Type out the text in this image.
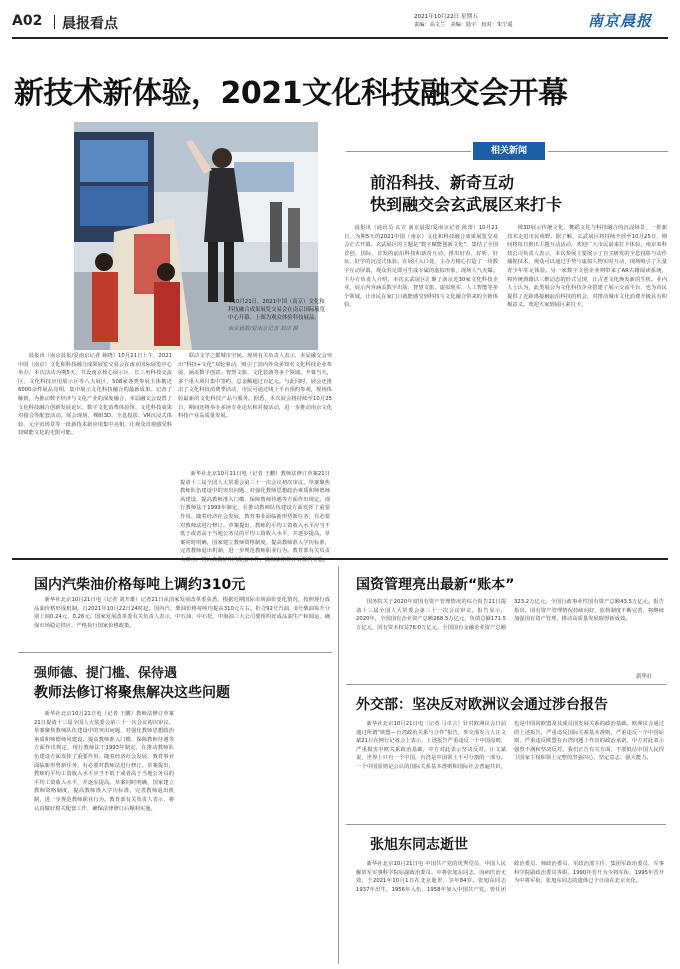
A02 晨报看点	2021年10月22日 星期五
责编：高文兰　美编：陆宇　校对：朱宁遥	南京晨报
新技术新体验，2021文化科技融交会开幕
↑10月21日，2021中国（南京）文化和科技融合成果展览交易会在南京国际展览中心开幕。上图为观众体验科技展品。
南京晨报/爱南京记者 胡洋 摄

晨报讯（南京晨报/爱南京记者 蒋晓）10月21日上午，2021中国（南京）文化和科技融合成果展览交易会在南京国际展览中心举办。本次活动为期5天，共设南京核心展示区、长三角科技交流区、文化科技应用展示区等八大展区，508家各类参展主体携近6000余件展品亮相，集中展示文化科技融合的最新成果。记者了解到，为推动数字经济与文化产业的深度融合，本届融交会设置了文化科技融合创新发展论坛、数字文化消费体验馆、文化科技成果对接会等配套活动。展会现场，裸眼3D、全息投影、VR沉浸式体验、元宇宙场景等一批新技术新应用集中亮相，让观众直观感受科技赋能文化的无限可能。

联动文学之都城市空间。现场有关负责人表示，本届融交会突出“科技+文化”双轮驱动，吸引了国内外众多知名文化科技企业参展，涵盖数字创意、智慧文旅、文化装备等多个领域。开幕当天，多个重大项目集中签约，总金额超过百亿元。与此同时，展会还推出了文化科技消费季活动，市民可通过线上平台预约参观，现场体验最新的文化科技产品与服务。据悉，本次展会将持续至10月25日，期间还将举办多场专业论坛和对接活动，进一步推动南京文化科技产业高质量发展。

相关新闻
前沿科技、新奇互动
快到融交会玄武展区来打卡

晨报讯（通讯员 玄宣 南京晨报/爱南京记者 陈蕾）10月21日，为期5天的2021中国（南京）文化和科技融合成果展览交易会正式开幕。玄武展区的主题是“数字赋能创新文化”，集结了全国首创、国际、首发的前沿科技和新奇互动，推出好看、好听、好玩、好学的沉浸式体验。在展区入口处，主办方精心打造了一块数字互动屏幕，观众驻足即可生成专属的虚拟形象，现场人气火爆。主办方负责人介绍，本次玄武展区汇聚了南京近30家文化科技企业，展示内容涵盖数字出版、智慧文旅、虚拟现实、人工智能等多个领域，让市民在家门口就能感受到科技与文化融合带来的全新体验。

裸3D展示传统文化、舞蹈文化与科技融合的沉浸场景，一批新技术走进市民视野。据了解，玄武展区将持续开放至10月25日，期间将每日推出主题互动活动，欢迎广大市民前来打卡体验。南京某科技公司负责人表示，本次参展主要展示了自主研发的全息投影与动作捕捉技术，观众可以通过手势与虚拟人物实时互动，现场吸引了大量青少年驻足体验。另一家数字文创企业则带来了AR古籍阅读系统，将传统典籍以三维动态的形式呈现，让古老文化焕发新的生机。业内人士认为，此类展会为文化科技企业搭建了展示交流平台，也为市民提供了近距离接触前沿科技的机会，对推动城市文化消费升级具有积极意义。欢迎大家到展区来打卡。

国内汽柴油价格每吨上调约310元

新华社北京10月21日电（记者 刘开雄）记者21日从国家发展改革委获悉，根据近期国际市场油价变化情况，按照现行成品油价格形成机制，自2021年10月22日24时起，国内汽、柴油价格每吨均提高310元左右。折合92号汽油、0号柴油每升分别上调0.24元、0.26元。国家发展改革委有关负责人表示，中石油、中石化、中海油三大公司要组织好成品油生产和调运，确保市场稳定供应，严格执行国家价格政策。

强师德、提门槛、保待遇
教师法修订将聚焦解决这些问题

新华社北京10月21日电（记者 王鹏）教师法修订草案21日提请十三届全国人大常委会第三十一次会议初次审议。草案聚焦教师队伍建设中的突出问题，对强化教师思想政治素质和师德师风建设、提高教师准入门槛、保障教师待遇等方面作出规定。现行教师法于1993年制定，在推动教师队伍建设方面发挥了重要作用。随着经济社会发展，教育事业面临新形势新任务，有必要对教师法进行修订。草案提出，教师的平均工资收入水平应当不低于或者高于当地公务员的平均工资收入水平，并逐步提高。草案同时明确，国家建立教师资格制度，提高教师准入学历标准，完善教师退出机制，进一步规范教师职业行为。教育部有关负责人表示，将认真做好相关配套工作，确保法律修订后顺利实施。

新华社北京10月21日电（记者 王鹏）教师法修订草案21日提请十三届全国人大常委会第三十一次会议初次审议。草案聚焦教师队伍建设中的突出问题，对强化教师思想政治素质和师德师风建设、提高教师准入门槛、保障教师待遇等方面作出规定。现行教师法于1993年制定，在推动教师队伍建设方面发挥了重要作用。随着经济社会发展，教育事业面临新形势新任务，有必要对教师法进行修订。草案提出，教师的平均工资收入水平应当不低于或者高于当地公务员的平均工资收入水平，并逐步提高。草案同时明确，国家建立教师资格制度，提高教师准入学历标准，完善教师退出机制，进一步规范教师职业行为。教育部有关负责人表示，将认真做好相关配套工作，确保法律修订后顺利实施。

国资管理亮出最新“账本”

国务院关于2020年度国有资产管理情况的综合报告21日提请十三届全国人大常委会第三十一次会议审议。报告显示，2020年，全国国有企业资产总额268.5万亿元，负债总额171.5万亿元，国有资本权益76.0万亿元。全国国有金融企业资产总额323.2万亿元。全国行政事业性国有资产总额43.5万亿元。报告指出，国有资产管理情况持续向好，监督制度不断完善，将继续加强国有资产管理，推动高质量发展取得新成效。

新华社
外交部：坚决反对欧洲议会通过涉台报告

新华社北京10月21日电（记者 马卓言）针对欧洲议会日前通过所谓“欧盟—台湾政治关系与合作”报告，外交部发言人汪文斌21日在例行记者会上表示，上述报告严重违反一个中国原则，严重损害中欧关系政治基础，中方对此表示坚决反对。汪文斌说，世界上只有一个中国，台湾是中国领土不可分割的一部分。一个中国原则是公认的国际关系基本准则和国际社会普遍共识，也是中国同欧盟及其成员国发展关系的政治基础。欧洲议会通过的上述报告，严重违反国际关系基本准则，严重违反一个中国原则，严重违反欧盟在台湾问题上作出的政治承诺，中方对此表示强烈不满和坚决反对。我们正告有关方面，不要低估中国人民捍卫国家主权和领土完整的坚强决心、坚定意志、强大能力。

张旭东同志逝世

新华社北京10月21日电 中国共产党的优秀党员，中国人民解放军军事科学院原副政治委员、中将张旭东同志，因病医治无效，于2021年10月1日在北京逝世，享年84岁。张旭东同志1937年出生，1956年入伍，1958年加入中国共产党。曾任团政治委员、师政治委员、军政治部主任、集团军政治委员、军事科学院副政治委员等职。1990年晋升为少将军衔，1995年晋升为中将军衔。张旭东同志的遗体已于日前在北京火化。
